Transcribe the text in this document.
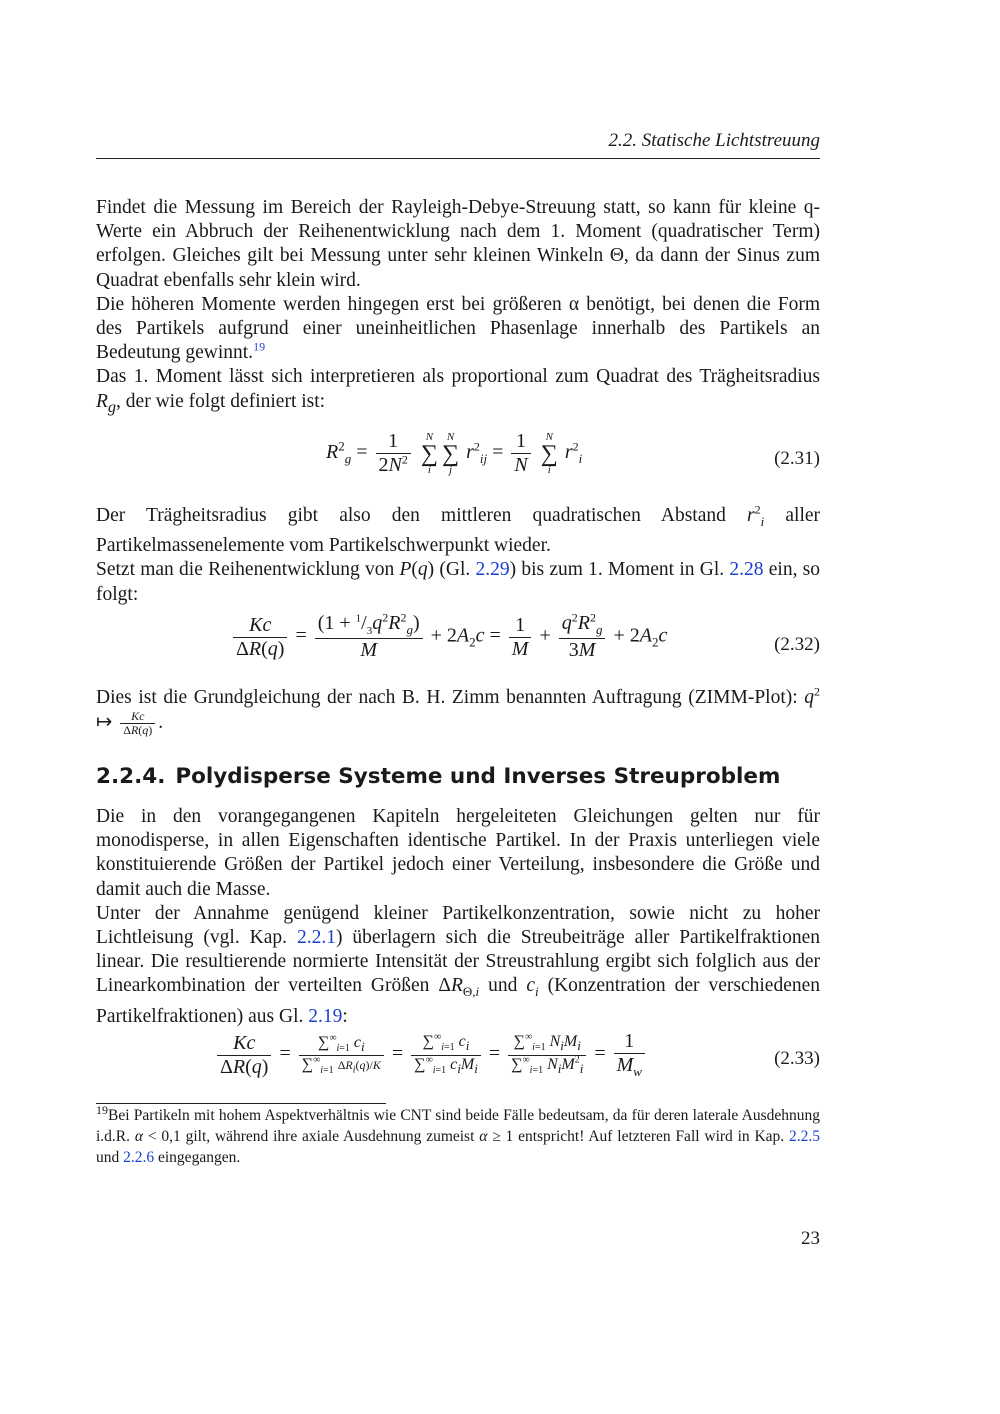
2.2. Statische Lichtstreuung

Findet die Messung im Bereich der Rayleigh-Debye-Streuung statt, so kann für kleine q-Werte ein Abbruch der Reihenentwicklung nach dem 1. Moment (quadratischer Term) erfolgen. Gleiches gilt bei Messung unter sehr kleinen Winkeln Θ, da dann der Sinus zum Quadrat ebenfalls sehr klein wird.

Die höheren Momente werden hingegen erst bei größeren α benötigt, bei denen die Form des Partikels aufgrund einer uneinheitlichen Phasenlage innerhalb des Partikels an Bedeutung gewinnt.$^{19}$

Das 1. Moment lässt sich interpretieren als proportional zum Quadrat des Trägheitsradius $R_g$, der wie folgt definiert ist:

$R^2_g = \frac{1}{2N^2}$ N
∑
iN
∑
j $r^2_{ij} = \frac{1}{N}$ N
∑
i $r^2_i$	(2.31)

Der Trägheitsradius gibt also den mittleren quadratischen Abstand $r^2_i$ aller Partikelmassenelemente vom Partikelschwerpunkt wieder.

Setzt man die Reihenentwicklung von P(q) (Gl. 2.29) bis zum 1. Moment in Gl. 2.28 ein, so folgt:

$\frac{Kc}{\Delta R(q)} = \frac{(1 + ^1/_3q^2R^2_g)}{M} + 2A_2c = \frac{1}{M} + \frac{q^2R^2_g}{3M} + 2A_2c$	(2.32)

Dies ist die Grundgleichung der nach B. H. Zimm benannten Auftragung (ZIMM-Plot): $q^2$ ↦ $\frac{Kc}{\Delta R(q)}$ .

2.2.4. Polydisperse Systeme und Inverses Streuproblem

Die in den vorangegangenen Kapiteln hergeleiteten Gleichungen gelten nur für monodisperse, in allen Eigenschaften identische Partikel. In der Praxis unterliegen viele konstituierende Größen der Partikel jedoch einer Verteilung, insbesondere die Größe und damit auch die Masse.

Unter der Annahme genügend kleiner Partikelkonzentration, sowie nicht zu hoher Lichtleisung (vgl. Kap. 2.2.1) überlagern sich die Streubeiträge aller Partikelfraktionen linear. Die resultierende normierte Intensität der Streustrahlung ergibt sich folglich aus der Linearkombination der verteilten Größen $\Delta R_{\Theta,i}$ und $c_i$ (Konzentration der verschiedenen Partikelfraktionen) aus Gl. 2.19:

$\frac{Kc}{\Delta R(q)} = \frac{\sum^\infty_{i=1} c_i}{\sum^\infty_{i=1} \Delta R_i(q)/K} = \frac{\sum^\infty_{i=1} c_i}{\sum^\infty_{i=1} c_iM_i} = \frac{\sum^\infty_{i=1} N_iM_i}{\sum^\infty_{i=1} N_iM^2_i} = \frac{1}{M_w}$	(2.33)
$^{19}$Bei Partikeln mit hohem Aspektverhältnis wie CNT sind beide Fälle bedeutsam, da für deren laterale Ausdehnung i.d.R. α < 0,1 gilt, während ihre axiale Ausdehnung zumeist α ≥ 1 entspricht! Auf letzteren Fall wird in Kap. 2.2.5 und 2.2.6 eingegangen.
23
